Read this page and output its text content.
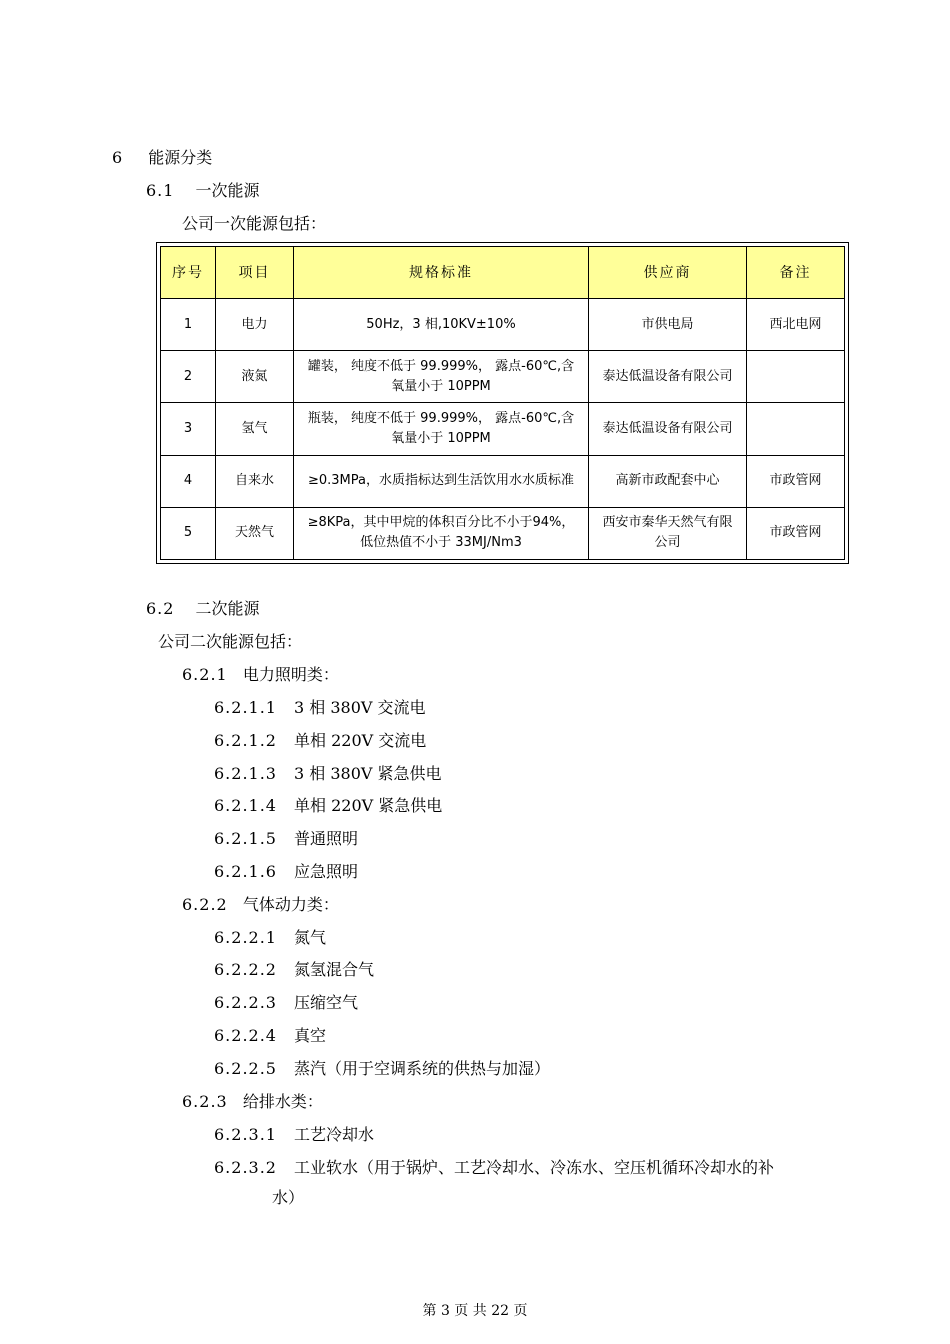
6 能源分类
6.1 一次能源
公司一次能源包括：
序号	项目	规格标准	供应商	备注
1	电力	50Hz，3 相,10KV±10%	市供电局	西北电网
2	液氮	罐装， 纯度不低于 99.999%， 露点-60℃,含氧量小于 10PPM	泰达低温设备有限公司	
3	氢气	瓶装， 纯度不低于 99.999%， 露点-60℃,含氧量小于 10PPM	泰达低温设备有限公司	
4	自来水	≥0.3MPa，水质指标达到生活饮用水水质标准	高新市政配套中心	市政管网
5	天然气	≥8KPa，其中甲烷的体积百分比不小于94%，低位热值不小于 33MJ/Nm3	西安市秦华天然气有限公司	市政管网
6.2 二次能源
公司二次能源包括：
6.2.1 电力照明类：
6.2.1.1 3 相 380V 交流电
6.2.1.2 单相 220V 交流电
6.2.1.3 3 相 380V 紧急供电
6.2.1.4 单相 220V 紧急供电
6.2.1.5 普通照明
6.2.1.6 应急照明
6.2.2 气体动力类：
6.2.2.1 氮气
6.2.2.2 氮氢混合气
6.2.2.3 压缩空气
6.2.2.4 真空
6.2.2.5 蒸汽（用于空调系统的供热与加湿）
6.2.3 给排水类：
6.2.3.1 工艺冷却水
6.2.3.2 工业软水（用于锅炉、工艺冷却水、冷冻水、空压机循环冷却水的补
水）
第 3 页 共 22 页
